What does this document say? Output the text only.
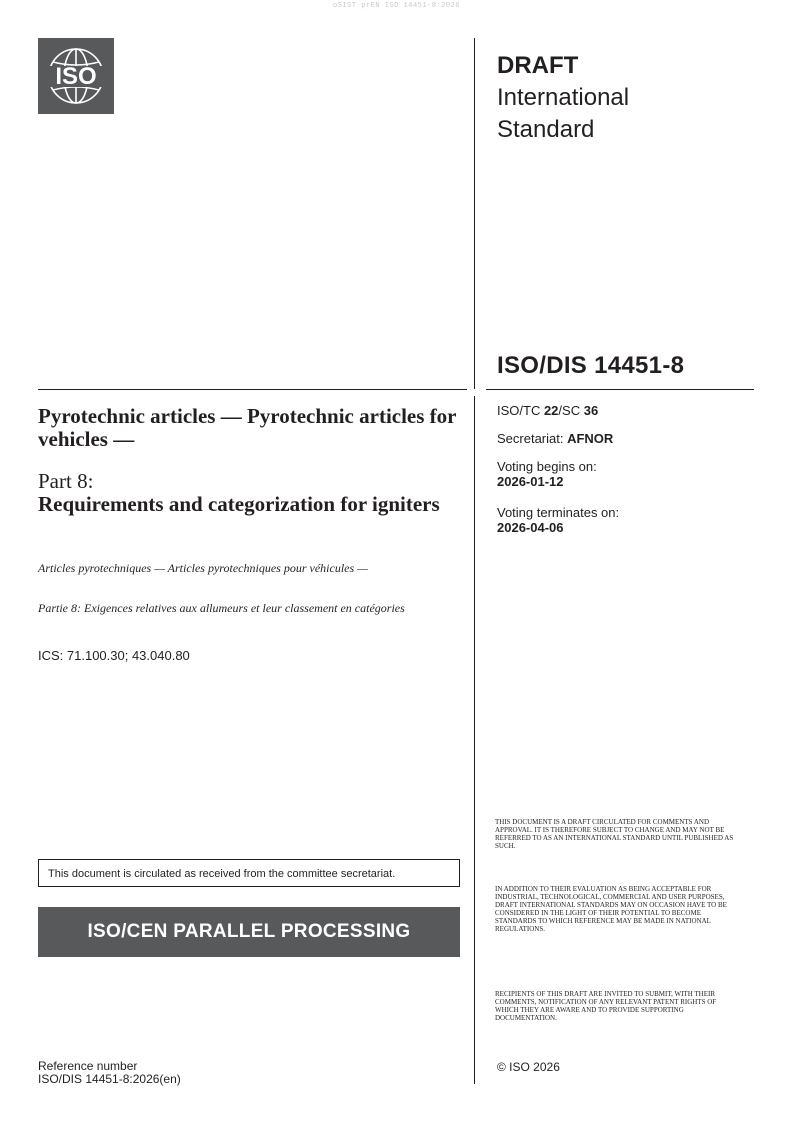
oSIST prEN ISO 14451-8:2026
ISO	DRAFT
International
Standard
ISO/DIS 14451-8
ISO/TC 22/SC 36
Secretariat: AFNOR
Voting begins on:
2026-01-12
Voting terminates on:
2026-04-06
Pyrotechnic articles — Pyrotechnic articles for vehicles —
Part 8:
Requirements and categorization for igniters
Articles pyrotechniques — Articles pyrotechniques pour véhicules —
Partie 8: Exigences relatives aux allumeurs et leur classement en catégories
ICS: 71.100.30; 43.040.80
This document is circulated as received from the committee secretariat.
ISO/CEN PARALLEL PROCESSING
THIS DOCUMENT IS A DRAFT CIRCULATED FOR COMMENTS AND APPROVAL. IT IS THEREFORE SUBJECT TO CHANGE AND MAY NOT BE REFERRED TO AS AN INTERNATIONAL STANDARD UNTIL PUBLISHED AS SUCH.
IN ADDITION TO THEIR EVALUATION AS BEING ACCEPTABLE FOR INDUSTRIAL, TECHNOLOGICAL, COMMERCIAL AND USER PURPOSES, DRAFT INTERNATIONAL STANDARDS MAY ON OCCASION HAVE TO BE CONSIDERED IN THE LIGHT OF THEIR POTENTIAL TO BECOME STANDARDS TO WHICH REFERENCE MAY BE MADE IN NATIONAL REGULATIONS.
RECIPIENTS OF THIS DRAFT ARE INVITED TO SUBMIT, WITH THEIR COMMENTS, NOTIFICATION OF ANY RELEVANT PATENT RIGHTS OF WHICH THEY ARE AWARE AND TO PROVIDE SUPPORTING DOCUMENTATION.
Reference number
ISO/DIS 14451-8:2026(en)
© ISO 2026
